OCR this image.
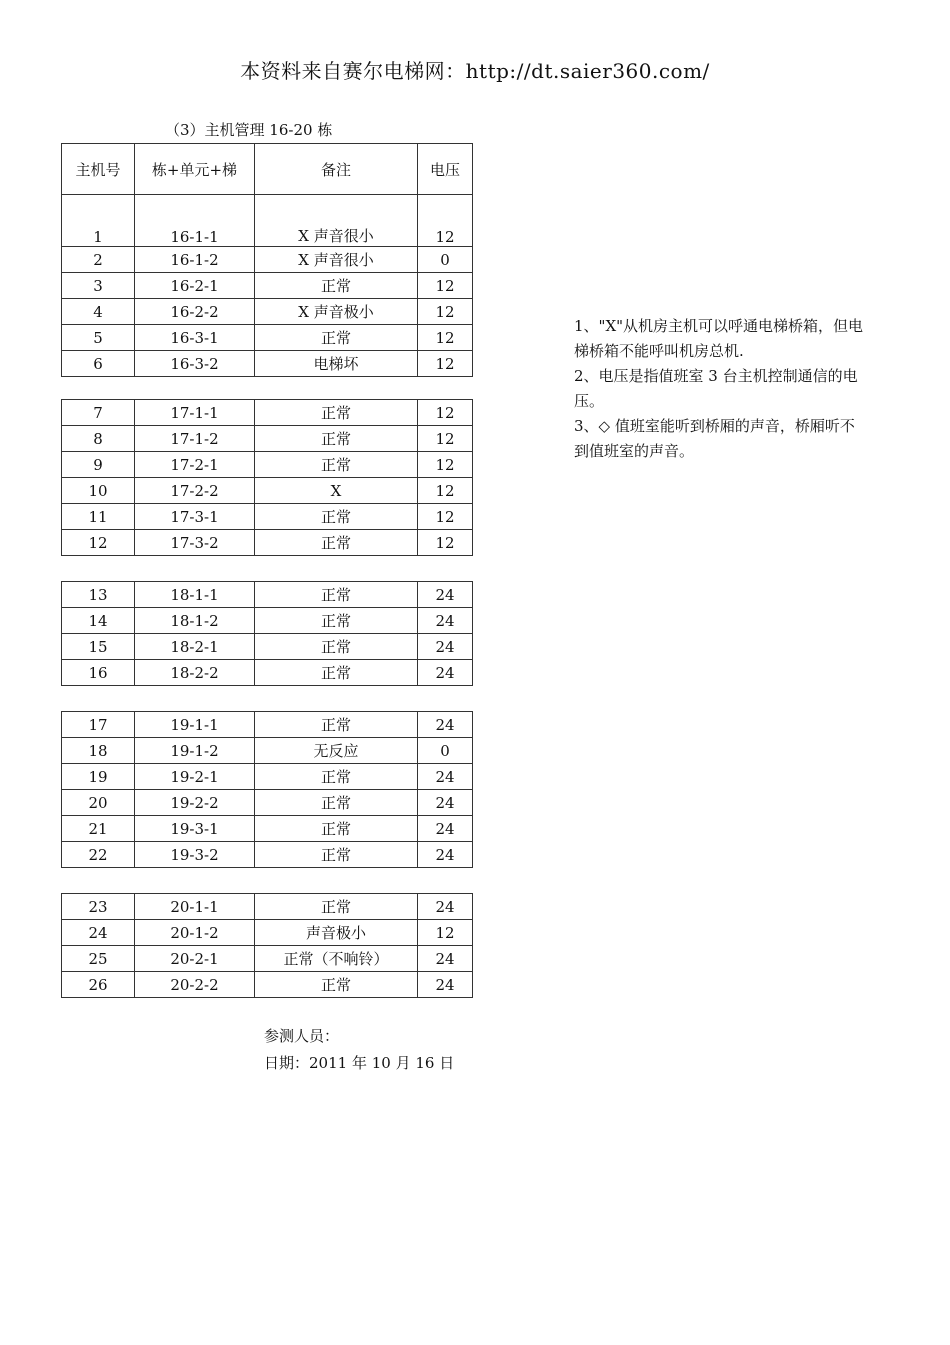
本资料来自赛尔电梯网：http://dt.saier360.com/
（3）主机管理 16-20 栋
主机号	栋+单元+梯	备注	电压

1	16-1-1	X 声音很小	12
2	16-1-2	X 声音很小	0
3	16-2-1	正常	12
4	16-2-2	X 声音极小	12
5	16-3-1	正常	12
6	16-3-2	电梯坏	12
7	17-1-1	正常	12
8	17-1-2	正常	12
9	17-2-1	正常	12
10	17-2-2	X	12
11	17-3-1	正常	12
12	17-3-2	正常	12
13	18-1-1	正常	24
14	18-1-2	正常	24
15	18-2-1	正常	24
16	18-2-2	正常	24
17	19-1-1	正常	24
18	19-1-2	无反应	0
19	19-2-1	正常	24
20	19-2-2	正常	24
21	19-3-1	正常	24
22	19-3-2	正常	24
23	20-1-1	正常	24
24	20-1-2	声音极小	12
25	20-2-1	正常（不响铃）	24
26	20-2-2	正常	24

1、"X"从机房主机可以呼通电梯桥箱，但电梯桥箱不能呼叫机房总机.

2、电压是指值班室 3 台主机控制通信的电压。

3、◇ 值班室能听到桥厢的声音，桥厢听不到值班室的声音。

参测人员：
日期：2011 年 10 月 16 日
